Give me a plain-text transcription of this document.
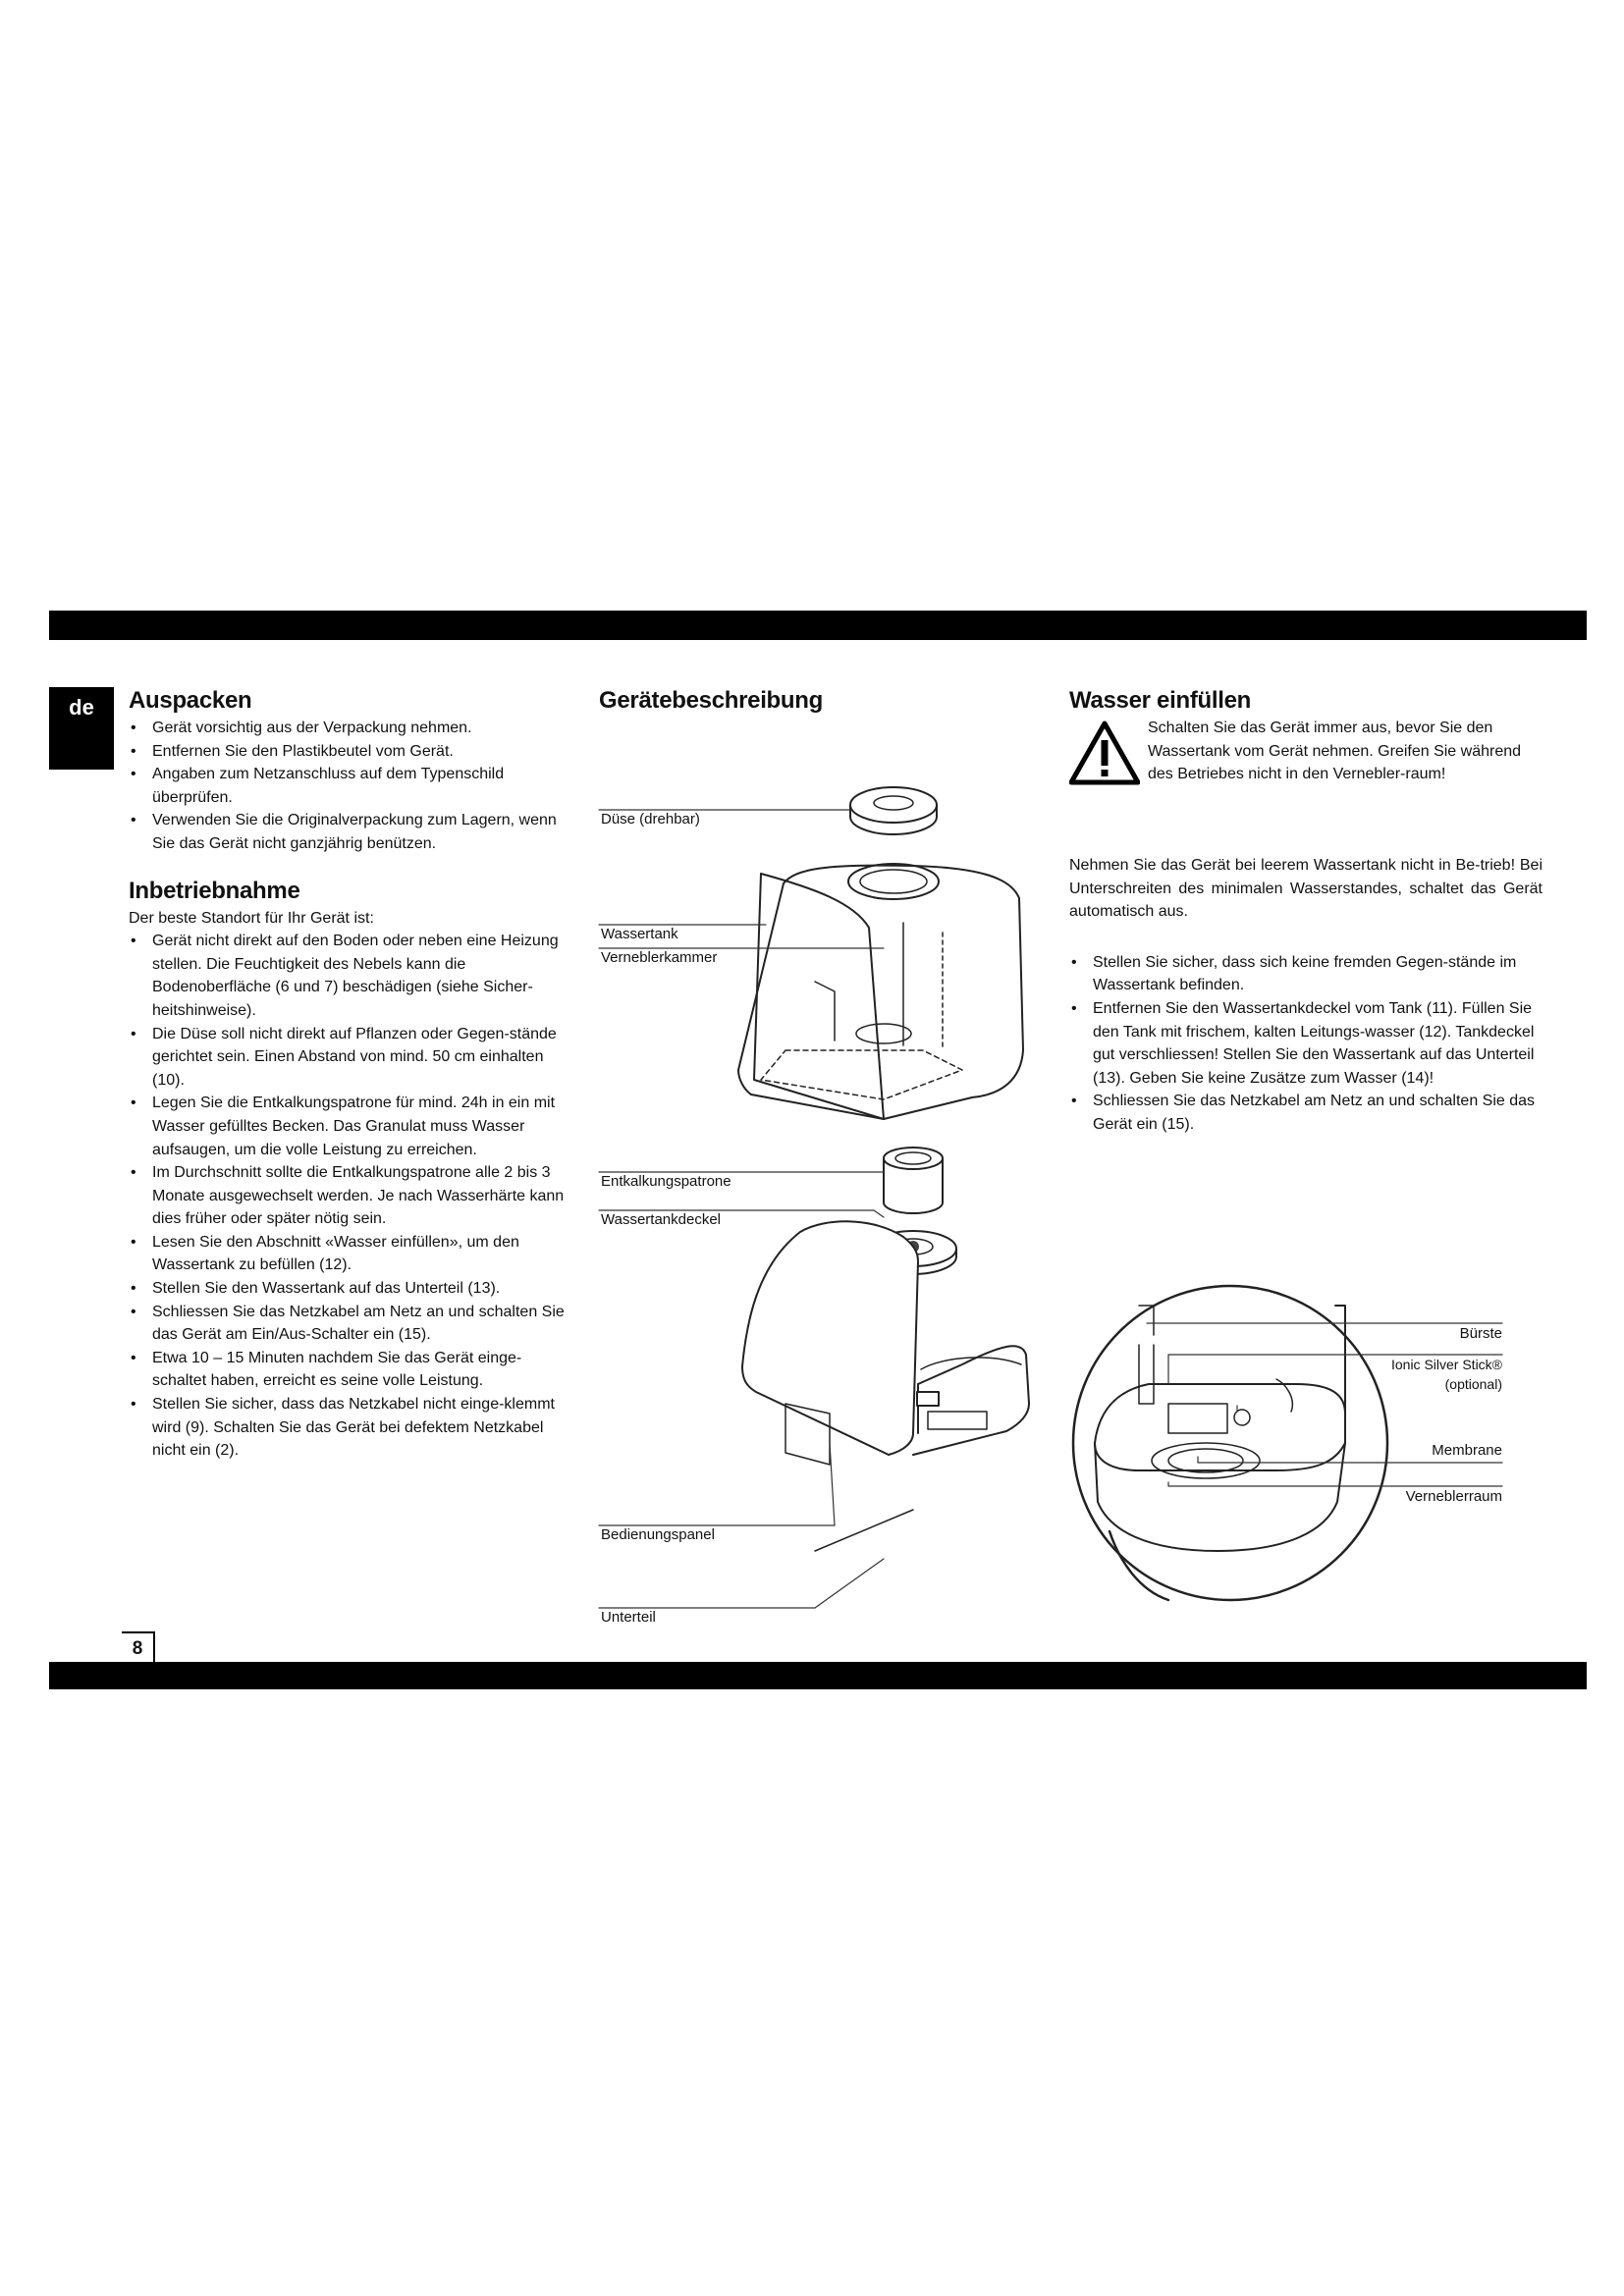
de	Auspacken
• Gerät vorsichtig aus der Verpackung nehmen.
• Entfernen Sie den Plastikbeutel vom Gerät.
• Angaben zum Netzanschluss auf dem Typenschild überprüfen.
• Verwenden Sie die Originalverpackung zum Lagern, wenn Sie das Gerät nicht ganzjährig benützen.
Inbetriebnahme

Der beste Standort für Ihr Gerät ist:

• Gerät nicht direkt auf den Boden oder neben eine Heizung stellen. Die Feuchtigkeit des Nebels kann die Bodenoberfläche (6 und 7) beschädigen (siehe Sicher-heitshinweise).
• Die Düse soll nicht direkt auf Pflanzen oder Gegen-stände gerichtet sein. Einen Abstand von mind. 50 cm einhalten (10).
• Legen Sie die Entkalkungspatrone für mind. 24h in ein mit Wasser gefülltes Becken. Das Granulat muss Wasser aufsaugen, um die volle Leistung zu erreichen.
• Im Durchschnitt sollte die Entkalkungspatrone alle 2 bis 3 Monate ausgewechselt werden. Je nach Wasserhärte kann dies früher oder später nötig sein.
• Lesen Sie den Abschnitt «Wasser einfüllen», um den Wassertank zu befüllen (12).
• Stellen Sie den Wassertank auf das Unterteil (13).
• Schliessen Sie das Netzkabel am Netz an und schalten Sie das Gerät am Ein/Aus-Schalter ein (15).
• Etwa 10 – 15 Minuten nachdem Sie das Gerät einge-schaltet haben, erreicht es seine volle Leistung.
• Stellen Sie sicher, dass das Netzkabel nicht einge-klemmt wird (9). Schalten Sie das Gerät bei defektem Netzkabel nicht ein (2).
Gerätebeschreibung	Wasser einfüllen

Schalten Sie das Gerät immer aus, bevor Sie den Wassertank vom Gerät nehmen. Greifen Sie während des Betriebes nicht in den Vernebler-raum!

Nehmen Sie das Gerät bei leerem Wassertank nicht in Be-trieb! Bei Unterschreiten des minimalen Wasserstandes, schaltet das Gerät automatisch aus.

• Stellen Sie sicher, dass sich keine fremden Gegen-stände im Wassertank befinden.
• Entfernen Sie den Wassertankdeckel vom Tank (11). Füllen Sie den Tank mit frischem, kalten Leitungs-wasser (12). Tankdeckel gut verschliessen! Stellen Sie den Wassertank auf das Unterteil (13). Geben Sie keine Zusätze zum Wasser (14)!
• Schliessen Sie das Netzkabel am Netz an und schalten Sie das Gerät ein (15).
Düse (drehbar)
Wassertank
Verneblerkammer
Entkalkungspatrone
Wassertankdeckel
Bedienungspanel
Unterteil
Bürste
Ionic Silver Stick®
(optional)
Membrane
Verneblerraum
8
